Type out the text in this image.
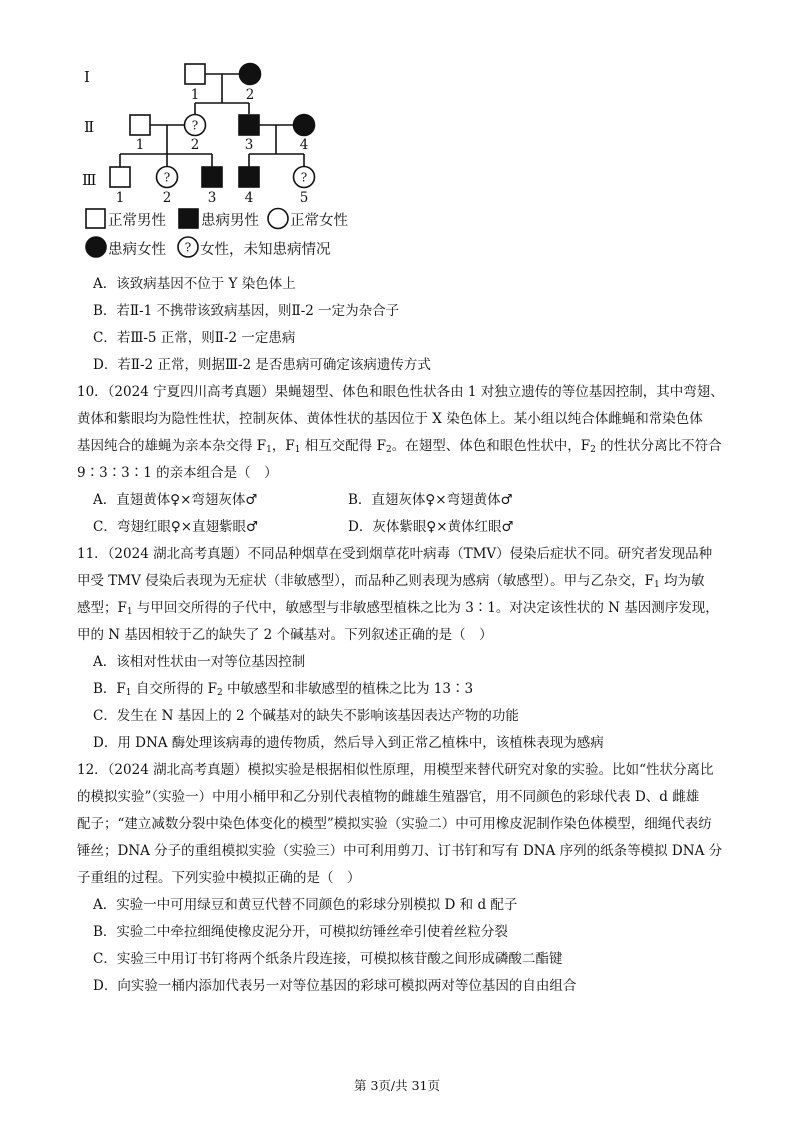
Ⅰ
Ⅱ
Ⅲ
?
?	?
?
1	2
1	2	3	4
1	2	3 4	5
正常男性 患病男性 正常女性
患病女性 女性，未知患病情况
A．该致病基因不位于 Y 染色体上
B．若Ⅱ-1 不携带该致病基因，则Ⅱ-2 一定为杂合子
C．若Ⅲ-5 正常，则Ⅱ-2 一定患病
D．若Ⅱ-2 正常，则据Ⅲ-2 是否患病可确定该病遗传方式
10．（2024 宁夏四川高考真题）果蝇翅型、体色和眼色性状各由 1 对独立遗传的等位基因控制，其中弯翅、
黄体和紫眼均为隐性性状，控制灰体、黄体性状的基因位于 X 染色体上。某小组以纯合体雌蝇和常染色体
基因纯合的雄蝇为亲本杂交得 $F_1$，$F_1$ 相互交配得 $F_2$。在翅型、体色和眼色性状中，$F_2$ 的性状分离比不符合
9∶3∶3∶1 的亲本组合是（　）
A．直翅黄体♀×弯翅灰体♂	B．直翅灰体♀×弯翅黄体♂
C．弯翅红眼♀×直翅紫眼♂	D．灰体紫眼♀×黄体红眼♂
11．（2024 湖北高考真题）不同品种烟草在受到烟草花叶病毒（TMV）侵染后症状不同。研究者发现品种
甲受 TMV 侵染后表现为无症状（非敏感型），而品种乙则表现为感病（敏感型）。甲与乙杂交，$F_1$ 均为敏
感型；$F_1$ 与甲回交所得的子代中，敏感型与非敏感型植株之比为 3∶1。对决定该性状的 N 基因测序发现，
甲的 N 基因相较于乙的缺失了 2 个碱基对。下列叙述正确的是（　）
A．该相对性状由一对等位基因控制
B．$F_1$ 自交所得的 $F_2$ 中敏感型和非敏感型的植株之比为 13∶3
C．发生在 N 基因上的 2 个碱基对的缺失不影响该基因表达产物的功能
D．用 DNA 酶处理该病毒的遗传物质，然后导入到正常乙植株中，该植株表现为感病
12．（2024 湖北高考真题）模拟实验是根据相似性原理，用模型来替代研究对象的实验。比如“性状分离比
的模拟实验”（实验一）中用小桶甲和乙分别代表植物的雌雄生殖器官，用不同颜色的彩球代表 D、d 雌雄
配子；“建立减数分裂中染色体变化的模型”模拟实验（实验二）中可用橡皮泥制作染色体模型，细绳代表纺
锤丝；DNA 分子的重组模拟实验（实验三）中可利用剪刀、订书钉和写有 DNA 序列的纸条等模拟 DNA 分
子重组的过程。下列实验中模拟正确的是（　）
A．实验一中可用绿豆和黄豆代替不同颜色的彩球分别模拟 D 和 d 配子
B．实验二中牵拉细绳使橡皮泥分开，可模拟纺锤丝牵引使着丝粒分裂
C．实验三中用订书钉将两个纸条片段连接，可模拟核苷酸之间形成磷酸二酯键
D．向实验一桶内添加代表另一对等位基因的彩球可模拟两对等位基因的自由组合
第 3页/共 31页
